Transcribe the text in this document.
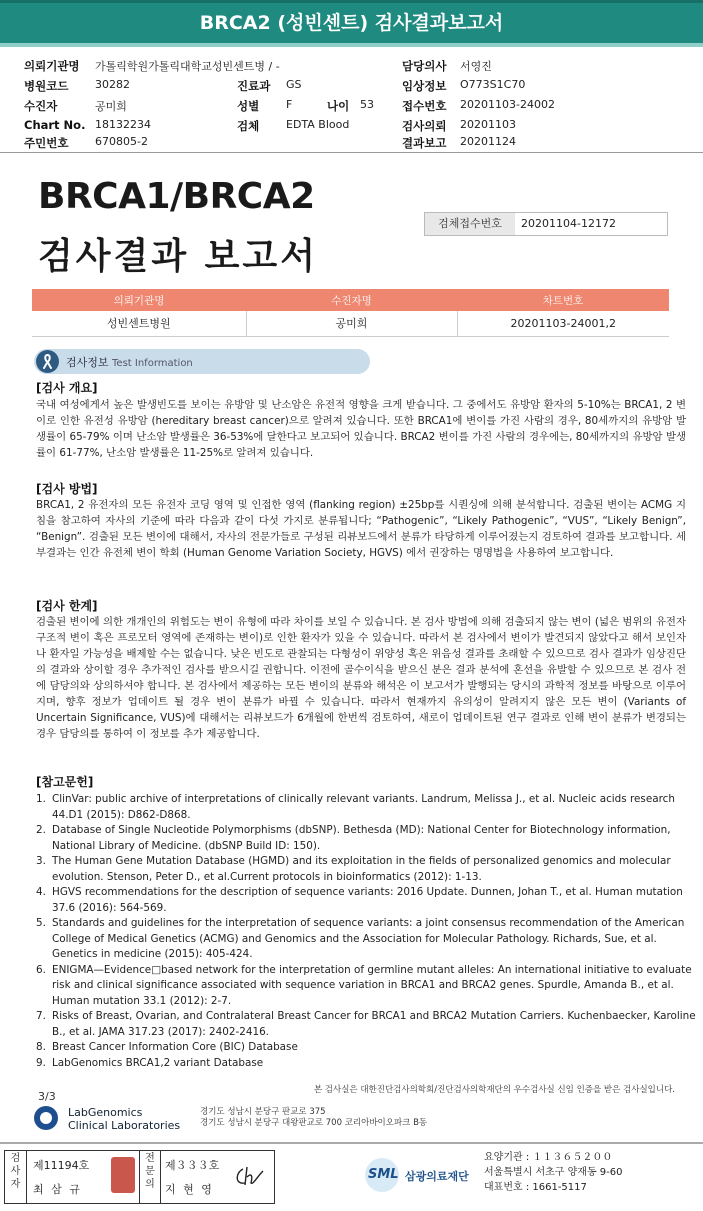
BRCA2 (성빈센트) 검사결과보고서
의뢰기관명 가톨릭학원가톨릭대학교성빈센트병 / -
병원코드 30282
수진자	공미희
Chart No. 18132234
주민번호 670805-2
진료과 GS
성별 F	나이 53
검체 EDTA Blood
담당의사 서영진
임상정보 O773S1C70
접수번호 20201103-24002
검사의뢰 20201103
결과보고 20201124
BRCA1/BRCA2
검사결과 보고서
검체접수번호	20201104-12172
의뢰기관명	수진자명	차트번호
성빈센트병원	공미희	20201103-24001,2
검사정보 Test Information
[검사 개요]
국내 여성에게서 높은 발생빈도를 보이는 유방암 및 난소암은 유전적 영향을 크게 받습니다. 그 중에서도 유방암 환자의 5-10%는 BRCA1, 2 변이로 인한 유전성 유방암 (hereditary breast cancer)으로 알려져 있습니다. 또한 BRCA1에 변이를 가진 사람의 경우, 80세까지의 유방암 발생률이 65-79% 이며 난소암 발생률은 36-53%에 달한다고 보고되어 있습니다. BRCA2 변이를 가진 사람의 경우에는, 80세까지의 유방암 발생률이 61-77%, 난소암 발생률은 11-25%로 알려져 있습니다.
[검사 방법]
BRCA1, 2 유전자의 모든 유전자 코딩 영역 및 인접한 영역 (flanking region) ±25bp를 시퀀싱에 의해 분석합니다. 검출된 변이는 ACMG 지침을 참고하여 자사의 기준에 따라 다음과 같이 다섯 가지로 분류됩니다; “Pathogenic”, “Likely Pathogenic”, “VUS”, “Likely Benign”, “Benign”. 검출된 모든 변이에 대해서, 자사의 전문가들로 구성된 리뷰보드에서 분류가 타당하게 이루어졌는지 검토하여 결과를 보고합니다. 세부결과는 인간 유전체 변이 학회 (Human Genome Variation Society, HGVS) 에서 권장하는 명명법을 사용하여 보고합니다.
[검사 한계]
검출된 변이에 의한 개개인의 위험도는 변이 유형에 따라 차이를 보일 수 있습니다. 본 검사 방법에 의해 검출되지 않는 변이 (넓은 범위의 유전자 구조적 변이 혹은 프로모터 영역에 존재하는 변이)로 인한 환자가 있을 수 있습니다. 따라서 본 검사에서 변이가 발견되지 않았다고 해서 보인자나 환자일 가능성을 배제할 수는 없습니다. 낮은 빈도로 관찰되는 다형성이 위양성 혹은 위음성 결과를 초래할 수 있으므로 검사 결과가 임상진단의 결과와 상이할 경우 추가적인 검사를 받으시길 권합니다. 이전에 골수이식을 받으신 분은 결과 분석에 혼선을 유발할 수 있으므로 본 검사 전에 담당의와 상의하셔야 합니다. 본 검사에서 제공하는 모든 변이의 분류와 해석은 이 보고서가 발행되는 당시의 과학적 정보를 바탕으로 이루어지며, 향후 정보가 업데이트 될 경우 변이 분류가 바뀔 수 있습니다. 따라서 현재까지 유의성이 알려지지 않은 모든 변이 (Variants of Uncertain Significance, VUS)에 대해서는 리뷰보드가 6개월에 한번씩 검토하여, 새로이 업데이트된 연구 결과로 인해 변이 분류가 변경되는 경우 담당의를 통하여 이 정보를 추가 제공합니다.
[참고문헌]
1. ClinVar: public archive of interpretations of clinically relevant variants. Landrum, Melissa J., et al. Nucleic acids research 44.D1 (2015): D862-D868.
2. Database of Single Nucleotide Polymorphisms (dbSNP). Bethesda (MD): National Center for Biotechnology information, National Library of Medicine. (dbSNP Build ID: 150).
3. The Human Gene Mutation Database (HGMD) and its exploitation in the fields of personalized genomics and molecular evolution. Stenson, Peter D., et al.Current protocols in bioinformatics (2012): 1-13.
4. HGVS recommendations for the description of sequence variants: 2016 Update. Dunnen, Johan T., et al. Human mutation 37.6 (2016): 564-569.
5. Standards and guidelines for the interpretation of sequence variants: a joint consensus recommendation of the American College of Medical Genetics (ACMG) and Genomics and the Association for Molecular Pathology. Richards, Sue, et al. Genetics in medicine (2015): 405-424.
6. ENIGMA—Evidence□based network for the interpretation of germline mutant alleles: An international initiative to evaluate risk and clinical significance associated with sequence variation in BRCA1 and BRCA2 genes. Spurdle, Amanda B., et al. Human mutation 33.1 (2012): 2-7.
7. Risks of Breast, Ovarian, and Contralateral Breast Cancer for BRCA1 and BRCA2 Mutation Carriers. Kuchenbaecker, Karoline B., et al. JAMA 317.23 (2017): 2402-2416.
8. Breast Cancer Information Core (BIC) Database
9. LabGenomics BRCA1,2 variant Database
본 검사실은 대한진단검사의학회/진단검사의학재단의 우수검사실 신임 인증을 받은 검사실입니다.
3/3
LabGenomics
Clinical Laboratories
경기도 성남시 분당구 판교로 375
경기도 성남시 분당구 대왕판교로 700 코리아바이오파크 B동
검
사
자
제11194호
최 삼 규
전
문
의
제３３３호
지 현 영
SML 삼광의료재단
요양기관 : １１３６５２００
서울특별시 서초구 양재동 9-60
대표번호 : 1661-5117
